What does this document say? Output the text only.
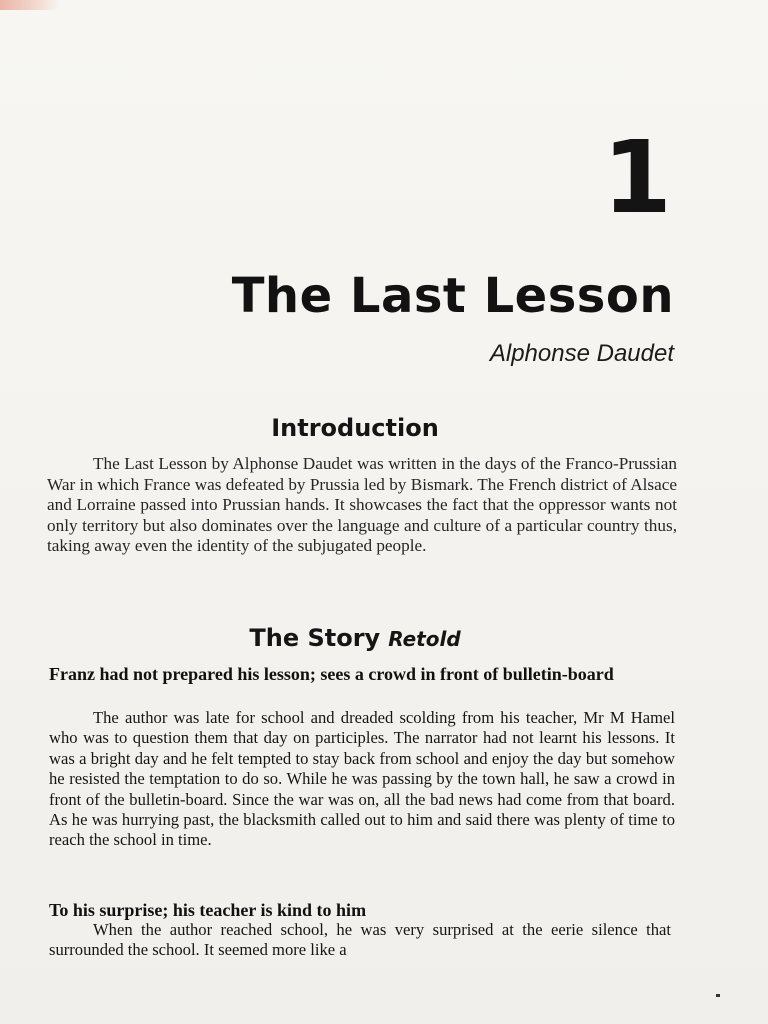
1
The Last Lesson
Alphonse Daudet
Introduction

The Last Lesson by Alphonse Daudet was written in the days of the Franco-Prussian War in which France was defeated by Prussia led by Bismark. The French district of Alsace and Lorraine passed into Prussian hands. It showcases the fact that the oppressor wants not only territory but also dominates over the language and culture of a particular country thus, taking away even the identity of the subjugated people.

The Story Retold

Franz had not prepared his lesson; sees a crowd in front of bulletin-board

The author was late for school and dreaded scolding from his teacher, Mr M Hamel who was to question them that day on participles. The narrator had not learnt his lessons. It was a bright day and he felt tempted to stay back from school and enjoy the day but somehow he resisted the temptation to do so. While he was passing by the town hall, he saw a crowd in front of the bulletin-board. Since the war was on, all the bad news had come from that board. As he was hurrying past, the blacksmith called out to him and said there was plenty of time to reach the school in time.

To his surprise; his teacher is kind to him

When the author reached school, he was very surprised at the eerie silence that surrounded the school. It seemed more like a
